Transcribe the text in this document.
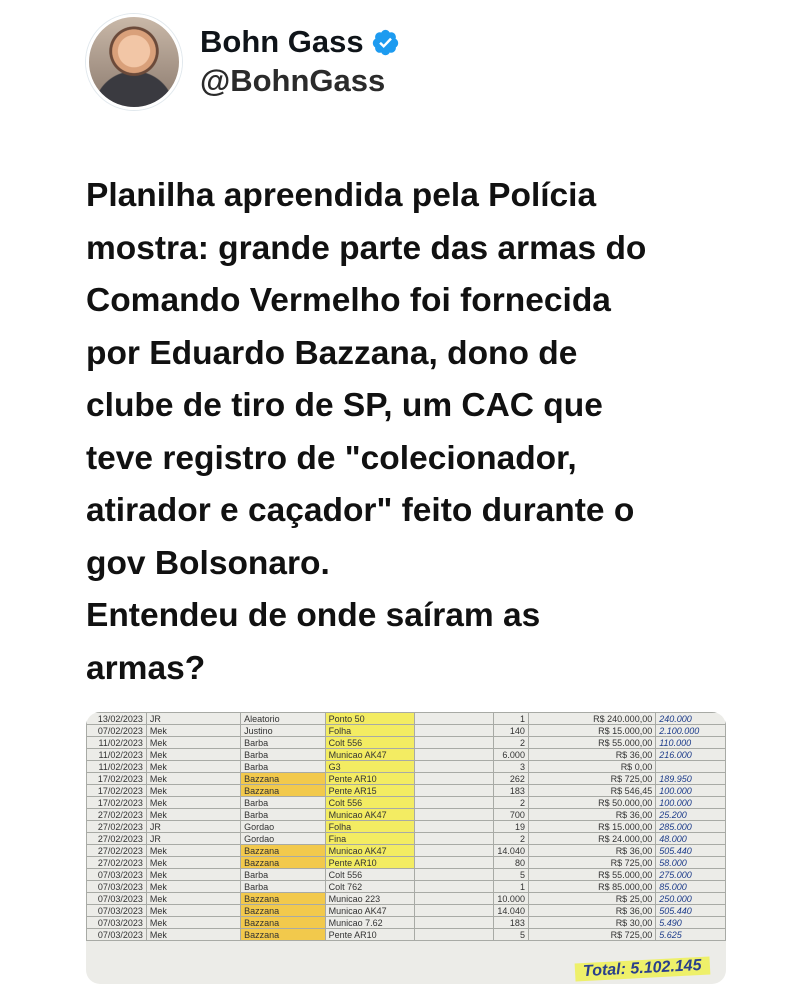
Bohn Gass
@BohnGass

Planilha apreendida pela Polícia
mostra: grande parte das armas do
Comando Vermelho foi fornecida
por Eduardo Bazzana, dono de
clube de tiro de SP, um CAC que
teve registro de "colecionador,
atirador e caçador" feito durante o
gov Bolsonaro.

Entendeu de onde saíram as
armas?

13/02/2023	JR	Aleatorio	Ponto 50		1	R$ 240.000,00	240.000
07/02/2023	Mek	Justino	Folha		140	R$ 15.000,00	2.100.000
11/02/2023	Mek	Barba	Colt 556		2	R$ 55.000,00	110.000
11/02/2023	Mek	Barba	Municao AK47		6.000	R$ 36,00	216.000
11/02/2023	Mek	Barba	G3		3	R$ 0,00	
17/02/2023	Mek	Bazzana	Pente AR10		262	R$ 725,00	189.950
17/02/2023	Mek	Bazzana	Pente AR15		183	R$ 546,45	100.000
17/02/2023	Mek	Barba	Colt 556		2	R$ 50.000,00	100.000
27/02/2023	Mek	Barba	Municao AK47		700	R$ 36,00	25.200
27/02/2023	JR	Gordao	Folha		19	R$ 15.000,00	285.000
27/02/2023	JR	Gordao	Fina		2	R$ 24.000,00	48.000
27/02/2023	Mek	Bazzana	Municao AK47		14.040	R$ 36,00	505.440
27/02/2023	Mek	Bazzana	Pente AR10		80	R$ 725,00	58.000
07/03/2023	Mek	Barba	Colt 556		5	R$ 55.000,00	275.000
07/03/2023	Mek	Barba	Colt 762		1	R$ 85.000,00	85.000
07/03/2023	Mek	Bazzana	Municao 223		10.000	R$ 25,00	250.000
07/03/2023	Mek	Bazzana	Municao AK47		14.040	R$ 36,00	505.440
07/03/2023	Mek	Bazzana	Municao 7.62		183	R$ 30,00	5.490
07/03/2023	Mek	Bazzana	Pente AR10		5	R$ 725,00	5.625
Total: 5.102.145
